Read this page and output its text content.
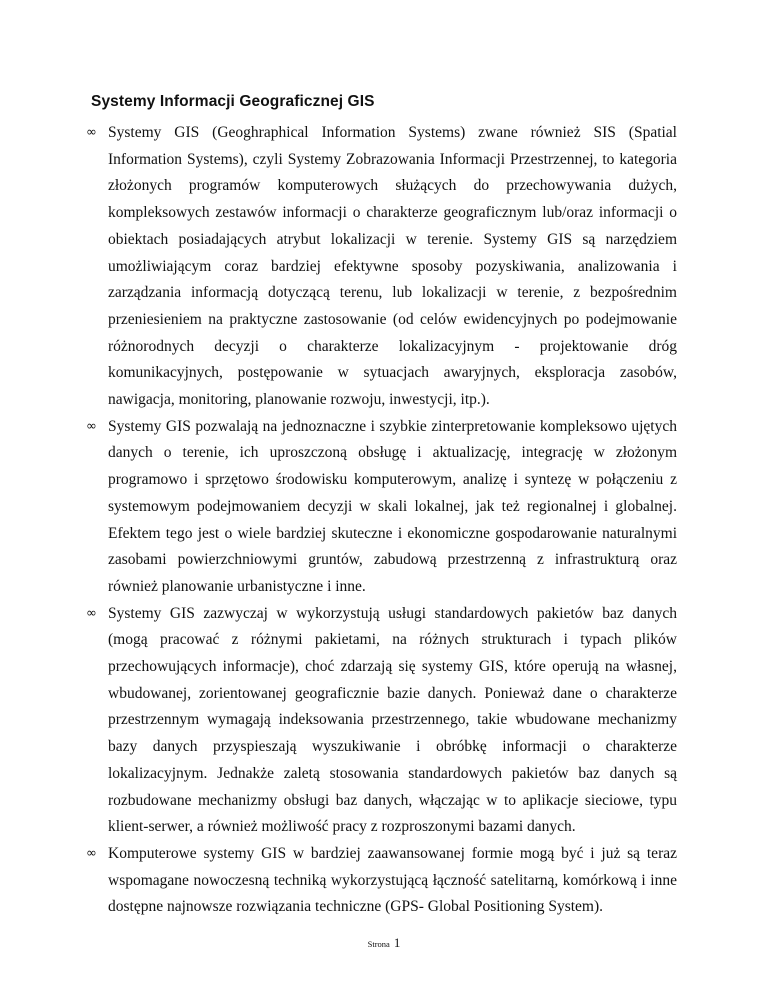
Systemy Informacji Geograficznej GIS
∞ Systemy GIS (Geoghraphical Information Systems) zwane również SIS (Spatial Information Systems), czyli Systemy Zobrazowania Informacji Przestrzennej, to kategoria złożonych programów komputerowych służących do przechowywania dużych, kompleksowych zestawów informacji o charakterze geograficznym lub/oraz informacji o obiektach posiadających atrybut lokalizacji w terenie. Systemy GIS są narzędziem umożliwiającym coraz bardziej efektywne sposoby pozyskiwania, analizowania i zarządzania informacją dotyczącą terenu, lub lokalizacji w terenie, z bezpośrednim przeniesieniem na praktyczne zastosowanie (od celów ewidencyjnych po podejmowanie różnorodnych decyzji o charakterze lokalizacyjnym - projektowanie dróg komunikacyjnych, postępowanie w sytuacjach awaryjnych, eksploracja zasobów, nawigacja, monitoring, planowanie rozwoju, inwestycji, itp.).
∞ Systemy GIS pozwalają na jednoznaczne i szybkie zinterpretowanie kompleksowo ujętych danych o terenie, ich uproszczoną obsługę i aktualizację, integrację w złożonym programowo i sprzętowo środowisku komputerowym, analizę i syntezę w połączeniu z systemowym podejmowaniem decyzji w skali lokalnej, jak też regionalnej i globalnej. Efektem tego jest o wiele bardziej skuteczne i ekonomiczne gospodarowanie naturalnymi zasobami powierzchniowymi gruntów, zabudową przestrzenną z infrastrukturą oraz również planowanie urbanistyczne i inne.
∞ Systemy GIS zazwyczaj w wykorzystują usługi standardowych pakietów baz danych (mogą pracować z różnymi pakietami, na różnych strukturach i typach plików przechowujących informacje), choć zdarzają się systemy GIS, które operują na własnej, wbudowanej, zorientowanej geograficznie bazie danych. Ponieważ dane o charakterze przestrzennym wymagają indeksowania przestrzennego, takie wbudowane mechanizmy bazy danych przyspieszają wyszukiwanie i obróbkę informacji o charakterze lokalizacyjnym. Jednakże zaletą stosowania standardowych pakietów baz danych są rozbudowane mechanizmy obsługi baz danych, włączając w to aplikacje sieciowe, typu klient-serwer, a również możliwość pracy z rozproszonymi bazami danych.
∞ Komputerowe systemy GIS w bardziej zaawansowanej formie mogą być i już są teraz wspomagane nowoczesną techniką wykorzystującą łączność satelitarną, komórkową i inne dostępne najnowsze rozwiązania techniczne (GPS- Global Positioning System).
Strona 1
